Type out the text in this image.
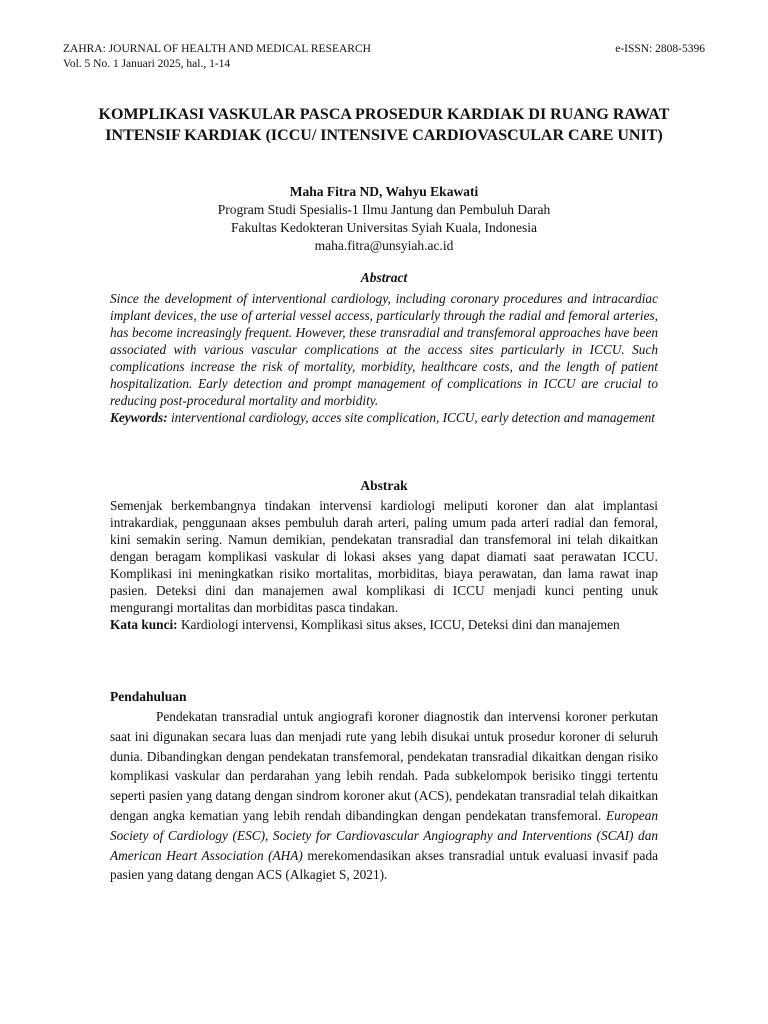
ZAHRA: JOURNAL OF HEALTH AND MEDICAL RESEARCH
Vol. 5 No. 1 Januari 2025, hal., 1-14
e-ISSN: 2808-5396
KOMPLIKASI VASKULAR PASCA PROSEDUR KARDIAK DI RUANG RAWAT INTENSIF KARDIAK (ICCU/ INTENSIVE CARDIOVASCULAR CARE UNIT)
Maha Fitra ND, Wahyu Ekawati
Program Studi Spesialis-1 Ilmu Jantung dan Pembuluh Darah
Fakultas Kedokteran Universitas Syiah Kuala, Indonesia
maha.fitra@unsyiah.ac.id
Abstract
Since the development of interventional cardiology, including coronary procedures and intracardiac implant devices, the use of arterial vessel access, particularly through the radial and femoral arteries, has become increasingly frequent. However, these transradial and transfemoral approaches have been associated with various vascular complications at the access sites particularly in ICCU. Such complications increase the risk of mortality, morbidity, healthcare costs, and the length of patient hospitalization. Early detection and prompt management of complications in ICCU are crucial to reducing post-procedural mortality and morbidity.
Keywords: interventional cardiology, acces site complication, ICCU, early detection and management
Abstrak
Semenjak berkembangnya tindakan intervensi kardiologi meliputi koroner dan alat implantasi intrakardiak, penggunaan akses pembuluh darah arteri, paling umum pada arteri radial dan femoral, kini semakin sering. Namun demikian, pendekatan transradial dan transfemoral ini telah dikaitkan dengan beragam komplikasi vaskular di lokasi akses yang dapat diamati saat perawatan ICCU. Komplikasi ini meningkatkan risiko mortalitas, morbiditas, biaya perawatan, dan lama rawat inap pasien. Deteksi dini dan manajemen awal komplikasi di ICCU menjadi kunci penting unuk mengurangi mortalitas dan morbiditas pasca tindakan.
Kata kunci: Kardiologi intervensi, Komplikasi situs akses, ICCU, Deteksi dini dan manajemen
Pendahuluan
Pendekatan transradial untuk angiografi koroner diagnostik dan intervensi koroner perkutan saat ini digunakan secara luas dan menjadi rute yang lebih disukai untuk prosedur koroner di seluruh dunia. Dibandingkan dengan pendekatan transfemoral, pendekatan transradial dikaitkan dengan risiko komplikasi vaskular dan perdarahan yang lebih rendah. Pada subkelompok berisiko tinggi tertentu seperti pasien yang datang dengan sindrom koroner akut (ACS), pendekatan transradial telah dikaitkan dengan angka kematian yang lebih rendah dibandingkan dengan pendekatan transfemoral. European Society of Cardiology (ESC), Society for Cardiovascular Angiography and Interventions (SCAI) dan American Heart Association (AHA) merekomendasikan akses transradial untuk evaluasi invasif pada pasien yang datang dengan ACS (Alkagiet S, 2021).
